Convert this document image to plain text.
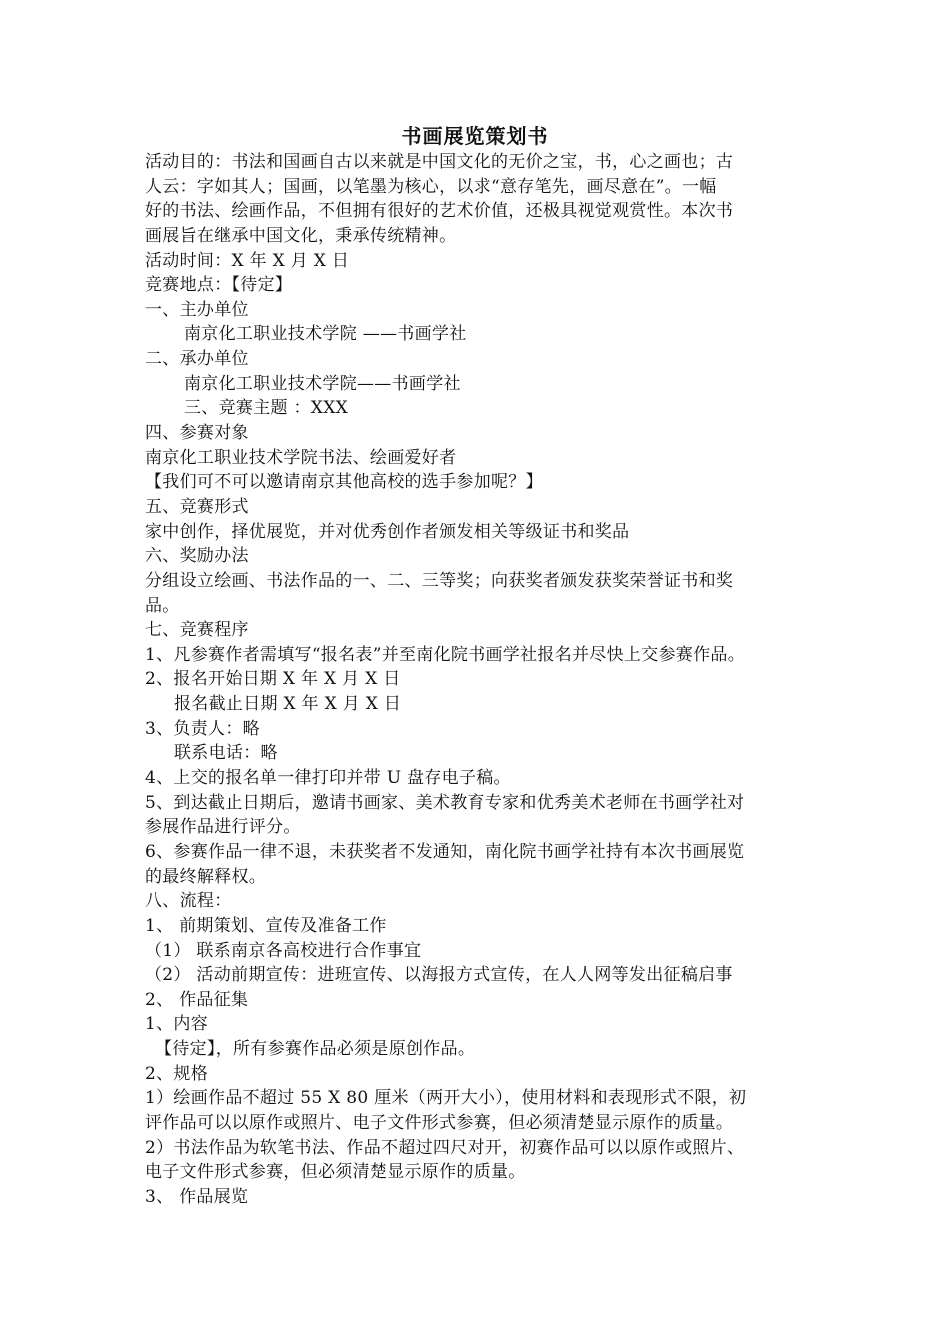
书画展览策划书
活动目的：书法和国画自古以来就是中国文化的无价之宝，书，心之画也；古
人云：字如其人；国画，以笔墨为核心，以求“意存笔先，画尽意在”。一幅
好的书法、绘画作品，不但拥有很好的艺术价值，还极具视觉观赏性。本次书
画展旨在继承中国文化，秉承传统精神。
活动时间：X 年 X 月 X 日
竞赛地点：【待定】
一、主办单位
南京化工职业技术学院 ——书画学社
二、承办单位
南京化工职业技术学院——书画学社
三、竞赛主题 ：XXX
四、参赛对象
南京化工职业技术学院书法、绘画爱好者
【我们可不可以邀请南京其他高校的选手参加呢？】
五、竞赛形式
家中创作，择优展览，并对优秀创作者颁发相关等级证书和奖品
六、奖励办法
分组设立绘画、书法作品的一、二、三等奖；向获奖者颁发获奖荣誉证书和奖
品。
七、竞赛程序
1、凡参赛作者需填写“报名表”并至南化院书画学社报名并尽快上交参赛作品。
2、报名开始日期 X 年 X 月 X 日
报名截止日期 X 年 X 月 X 日
3、负责人：略
联系电话：略
4、上交的报名单一律打印并带 U 盘存电子稿。
5、到达截止日期后，邀请书画家、美术教育专家和优秀美术老师在书画学社对
参展作品进行评分。
6、参赛作品一律不退，未获奖者不发通知，南化院书画学社持有本次书画展览
的最终解释权。
八、流程：
1、 前期策划、宣传及准备工作
（1） 联系南京各高校进行合作事宜
（2） 活动前期宣传：进班宣传、以海报方式宣传，在人人网等发出征稿启事
2、 作品征集
1、内容
【待定】，所有参赛作品必须是原创作品。
2、规格
1）绘画作品不超过 55 X 80 厘米（两开大小），使用材料和表现形式不限，初
评作品可以以原作或照片、电子文件形式参赛，但必须清楚显示原作的质量。
2）书法作品为软笔书法、作品不超过四尺对开，初赛作品可以以原作或照片、
电子文件形式参赛，但必须清楚显示原作的质量。
3、 作品展览
